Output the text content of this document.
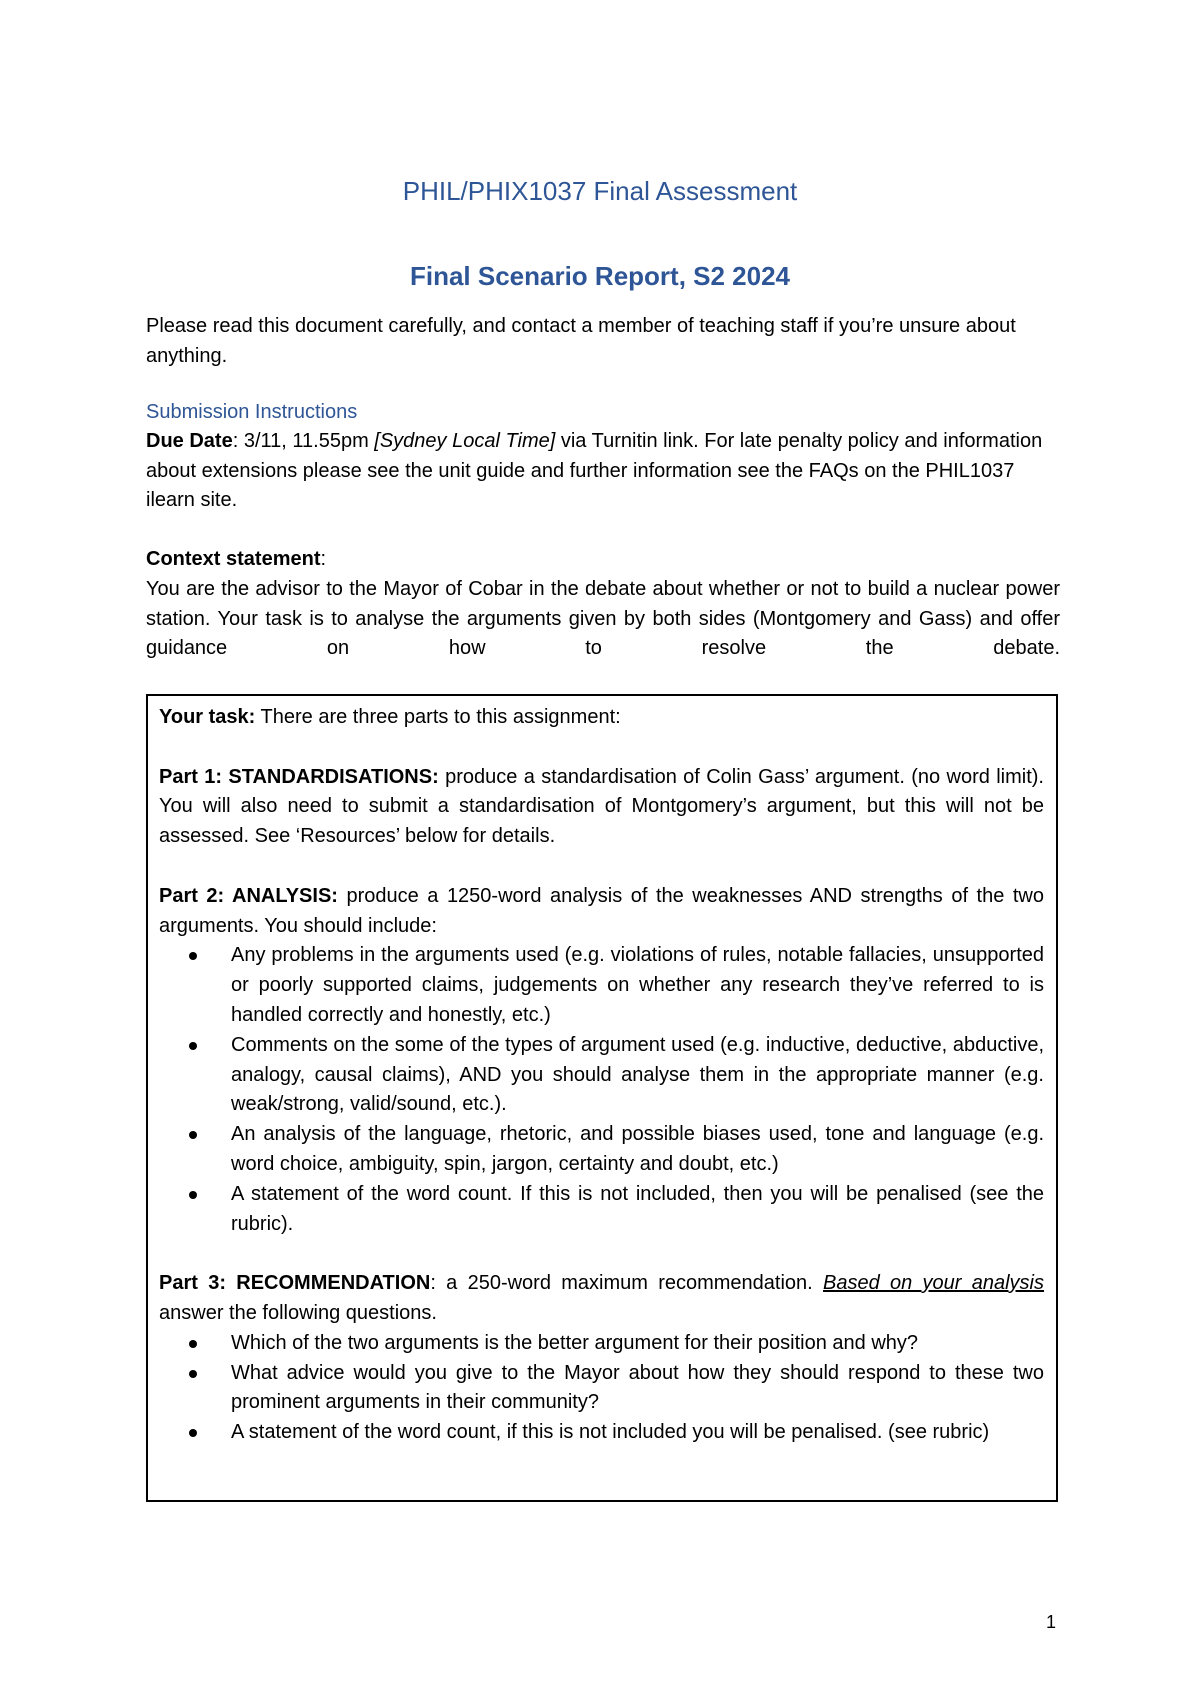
PHIL/PHIX1037 Final Assessment
Final Scenario Report, S2 2024

Please read this document carefully, and contact a member of teaching staff if you’re unsure about anything.

Submission Instructions

Due Date: 3/11, 11.55pm [Sydney Local Time] via Turnitin link. For late penalty policy and information about extensions please see the unit guide and further information see the FAQs on the PHIL1037 ilearn site.

Context statement:

You are the advisor to the Mayor of Cobar in the debate about whether or not to build a nuclear power station. Your task is to analyse the arguments given by both sides (Montgomery and Gass) and offer guidance on how to resolve the debate.

Your task: There are three parts to this assignment:

Part 1: STANDARDISATIONS: produce a standardisation of Colin Gass’ argument. (no word limit). You will also need to submit a standardisation of Montgomery’s argument, but this will not be assessed. See ‘Resources’ below for details.

Part 2: ANALYSIS: produce a 1250-word analysis of the weaknesses AND strengths of the two arguments. You should include:

Any problems in the arguments used (e.g. violations of rules, notable fallacies, unsupported or poorly supported claims, judgements on whether any research they’ve referred to is handled correctly and honestly, etc.)
Comments on the some of the types of argument used (e.g. inductive, deductive, abductive, analogy, causal claims), AND you should analyse them in the appropriate manner (e.g. weak/strong, valid/sound, etc.).
An analysis of the language, rhetoric, and possible biases used, tone and language (e.g. word choice, ambiguity, spin, jargon, certainty and doubt, etc.)
A statement of the word count. If this is not included, then you will be penalised (see the rubric).

Part 3: RECOMMENDATION: a 250-word maximum recommendation. Based on your analysis answer the following questions.

Which of the two arguments is the better argument for their position and why?
What advice would you give to the Mayor about how they should respond to these two prominent arguments in their community?
A statement of the word count, if this is not included you will be penalised. (see rubric)
1
